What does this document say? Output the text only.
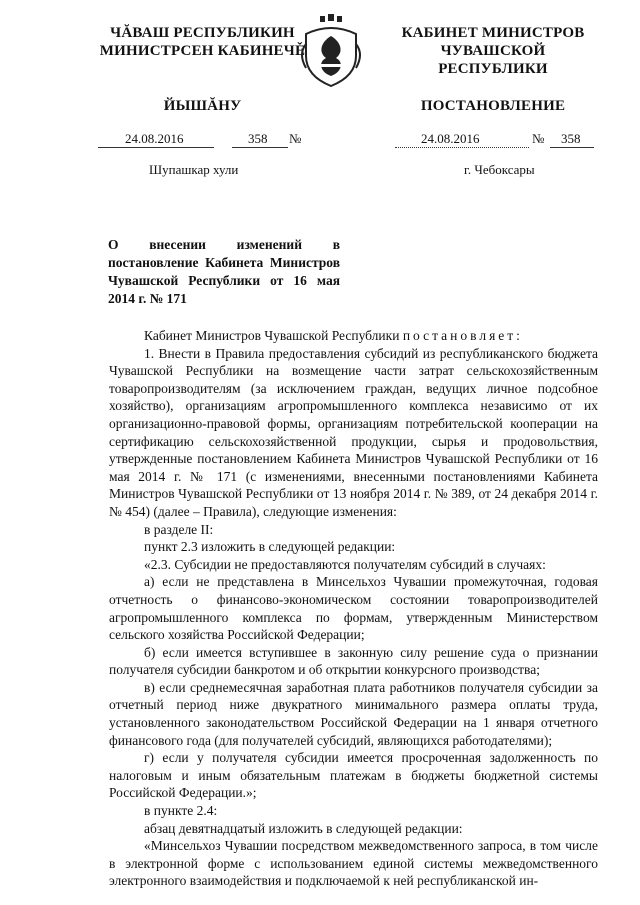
ЧĂВАШ РЕСПУБЛИКИН
МИНИСТРСЕН КАБИНЕЧĚ
ЙЫШĂНУ
КАБИНЕТ МИНИСТРОВ
ЧУВАШСКОЙ РЕСПУБЛИКИ
ПОСТАНОВЛЕНИЕ
24.08.2016	358 №
Шупашкар хули
24.08.2016	№ 358
г. Чебоксары
О внесении изменений в постановление Кабинета Министров Чувашской Республики от 16 мая 2014 г. № 171

Кабинет Министров Чувашской Республики постановляет:

1. Внести в Правила предоставления субсидий из республиканского бюджета Чувашской Республики на возмещение части затрат сельскохозяйственным товаропроизводителям (за исключением граждан, ведущих личное подсобное хозяйство), организациям агропромышленного комплекса независимо от их организационно-правовой формы, организациям потребительской кооперации на сертификацию сельскохозяйственной продукции, сырья и продовольствия, утвержденные постановлением Кабинета Министров Чувашской Республики от 16 мая 2014 г. № 171 (с изменениями, внесенными постановлениями Кабинета Министров Чувашской Республики от 13 ноября 2014 г. № 389, от 24 декабря 2014 г. № 454) (далее – Правила), следующие изменения:

в разделе II:

пункт 2.3 изложить в следующей редакции:

«2.3. Субсидии не предоставляются получателям субсидий в случаях:

а) если не представлена в Минсельхоз Чувашии промежуточная, годовая отчетность о финансово-экономическом состоянии товаропроизводителей агропромышленного комплекса по формам, утвержденным Министерством сельского хозяйства Российской Федерации;

б) если имеется вступившее в законную силу решение суда о признании получателя субсидии банкротом и об открытии конкурсного производства;

в) если среднемесячная заработная плата работников получателя субсидии за отчетный период ниже двукратного минимального размера оплаты труда, установленного законодательством Российской Федерации на 1 января отчетного финансового года (для получателей субсидий, являющихся работодателями);

г) если у получателя субсидии имеется просроченная задолженность по налоговым и иным обязательным платежам в бюджеты бюджетной системы Российской Федерации.»;

в пункте 2.4:

абзац девятнадцатый изложить в следующей редакции:

«Минсельхоз Чувашии посредством межведомственного запроса, в том числе в электронной форме с использованием единой системы межведомственного электронного взаимодействия и подключаемой к ней республиканской ин-
